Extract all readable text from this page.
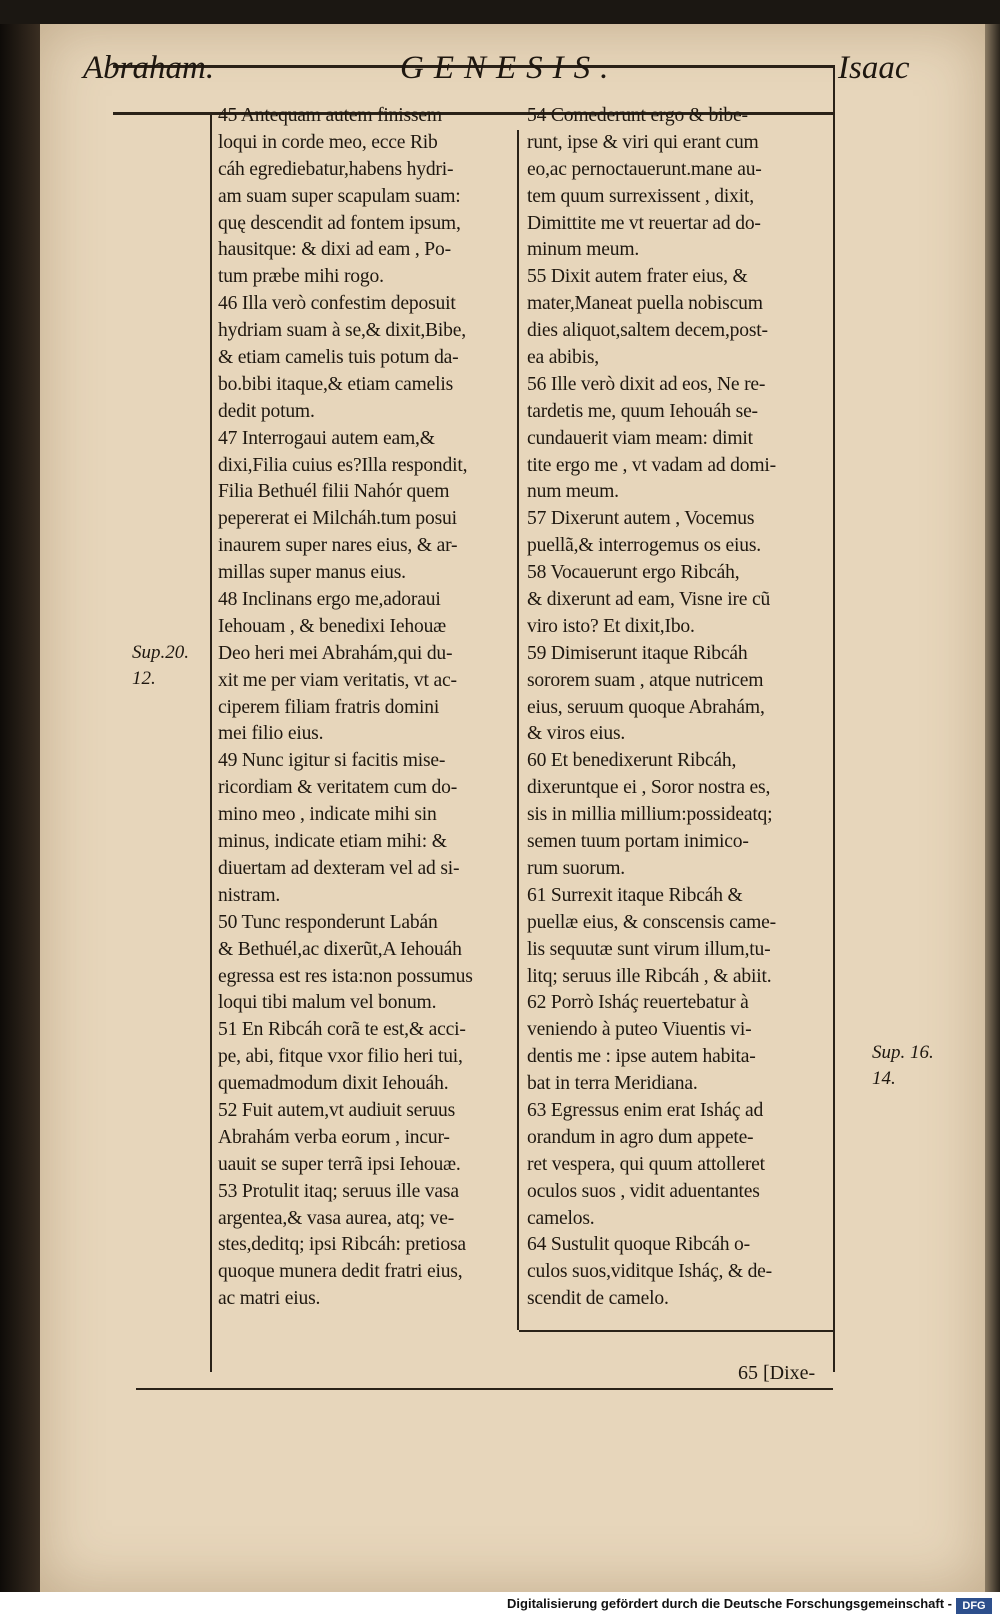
Abraham.	GENESIS.	Isaac
45 Antequam autem finissem
loqui in corde meo, ecce Rib
cáh egrediebatur,habens hydri-
am suam super scapulam suam:
quę descendit ad fontem ipsum,
hausitque: & dixi ad eam , Po-
tum præbe mihi rogo.
46 Illa verò confestim deposuit
hydriam suam à se,& dixit,Bibe,
& etiam camelis tuis potum da-
bo.bibi itaque,& etiam camelis
dedit potum.
47 Interrogaui autem eam,&
dixi,Filia cuius es?Illa respondit,
Filia Bethuél filii Nahór quem
pepererat ei Milcháh.tum posui
inaurem super nares eius, & ar-
millas super manus eius.
48 Inclinans ergo me,adoraui
Iehouam , & benedixi Iehouæ
Deo heri mei Abrahám,qui du-
xit me per viam veritatis, vt ac-
ciperem filiam fratris domini
mei filio eius.
49 Nunc igitur si facitis mise-
ricordiam & veritatem cum do-
mino meo , indicate mihi sin
minus, indicate etiam mihi: &
diuertam ad dexteram vel ad si-
nistram.
50 Tunc responderunt Labán
& Bethuél,ac dixerũt,A Iehouáh
egressa est res ista:non possumus
loqui tibi malum vel bonum.
51 En Ribcáh corã te est,& acci-
pe, abi, fitque vxor filio heri tui,
quemadmodum dixit Iehouáh.
52 Fuit autem,vt audiuit seruus
Abrahám verba eorum , incur-
uauit se super terrã ipsi Iehouæ.
53 Protulit itaq; seruus ille vasa
argentea,& vasa aurea, atq; ve-
stes,deditq; ipsi Ribcáh: pretiosa
quoque munera dedit fratri eius,
ac matri eius.
54 Comederunt ergo & bibe-
runt, ipse & viri qui erant cum
eo,ac pernoctauerunt.mane au-
tem quum surrexissent , dixit,
Dimittite me vt reuertar ad do-
minum meum.
55 Dixit autem frater eius, &
mater,Maneat puella nobiscum
dies aliquot,saltem decem,post-
ea abibis,
56 Ille verò dixit ad eos, Ne re-
tardetis me, quum Iehouáh se-
cundauerit viam meam: dimit
tite ergo me , vt vadam ad domi-
num meum.
57 Dixerunt autem , Vocemus
puellã,& interrogemus os eius.
58 Vocauerunt ergo Ribcáh,
& dixerunt ad eam, Visne ire cũ
viro isto? Et dixit,Ibo.
59 Dimiserunt itaque Ribcáh
sororem suam , atque nutricem
eius, seruum quoque Abrahám,
& viros eius.
60 Et benedixerunt Ribcáh,
dixeruntque ei , Soror nostra es,
sis in millia millium:possideatq;
semen tuum portam inimico-
rum suorum.
61 Surrexit itaque Ribcáh &
puellæ eius, & conscensis came-
lis sequutæ sunt virum illum,tu-
litq; seruus ille Ribcáh , & abiit.
62 Porrò Isháç reuertebatur à
veniendo à puteo Viuentis vi-
dentis me : ipse autem habita-
bat in terra Meridiana.
63 Egressus enim erat Isháç ad
orandum in agro dum appete-
ret vespera, qui quum attolleret
oculos suos , vidit aduentantes
camelos.
64 Sustulit quoque Ribcáh o-
culos suos,viditque Isháç, & de-
scendit de camelo.
Sup.20.
12.
Sup. 16.
14.
65 [Dixe-
Digitalisierung gefördert durch die Deutsche Forschungsgemeinschaft - DFG
